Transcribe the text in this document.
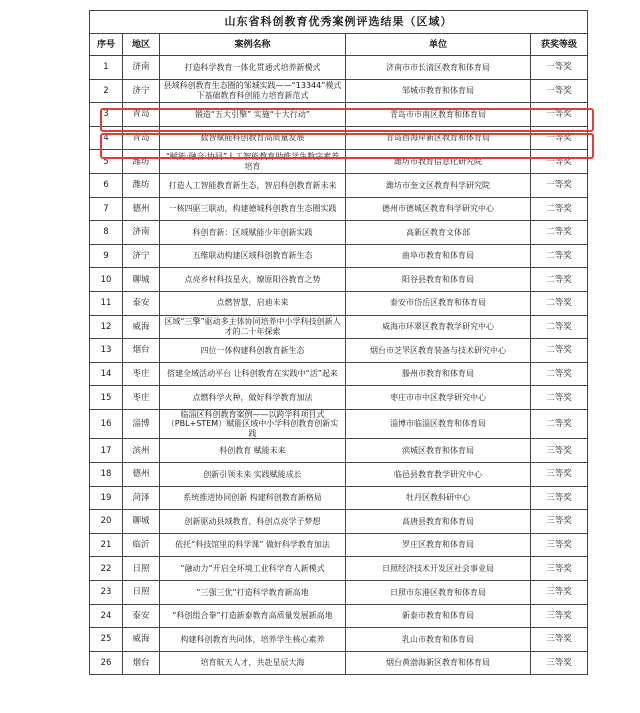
山东省科创教育优秀案例评选结果（区域）				
序号	地区	案例名称	单位	获奖等级
1	济南	打造科学教育一体化贯通式培养新模式	济南市市长清区教育和体育局	一等奖
2	济宁	县域科创教育生态圈的邹城实践——“13344”模式下基础教育科创能力培育新范式	邹城市教育和体育局	一等奖
3	青岛	锻造“五大引擎” 实施“十大行动”	青岛市市南区教育和体育局	一等奖
4	青岛	数智赋能科创教育高质量发展	青岛西海岸新区教育和体育局	一等奖
5	潍坊	“赋能·融合·协同”人工智能教育助推学生数字素养培育	潍坊市教育信息化研究院	一等奖
6	潍坊	打造人工智能教育新生态，智启科创教育新未来	潍坊市奎文区教育科学研究院	一等奖
7	德州	一核四驱三联动，构建德城科创教育生态圈实践	德州市德城区教育科学研究中心	二等奖
8	济南	科创育新：区域赋能少年创新实践	高新区教育文体部	二等奖
9	济宁	五维联动构建区域科创教育新生态	曲阜市教育和体育局	二等奖
10	聊城	点亮乡村科技星火，燎原阳谷教育之势	阳谷县教育和体育局	二等奖
11	泰安	点燃智慧，启迪未来	泰安市岱岳区教育和体育局	二等奖
12	威海	区域“三擎”驱动多主体协同培养中小学科技创新人才的二十年探索	威海市环翠区教育教学研究中心	二等奖
13	烟台	四位一体构建科创教育新生态	烟台市芝罘区教育装备与技术研究中心	二等奖
14	枣庄	搭建全域活动平台 让科创教育在实践中“活”起来	滕州市教育和体育局	二等奖
15	枣庄	点燃科学火种，做好科学教育加法	枣庄市市中区教学研究中心	二等奖
16	淄博	临淄区科创教育案例——以跨学科项目式（PBL+STEM）赋能区域中小学科创教育创新实践	淄博市临淄区教育和体育局	二等奖
17	滨州	科创教育 赋能未来	滨城区教育和体育局	三等奖
18	德州	创新引领未来 实践赋能成长	临邑县教育教学研究中心	三等奖
19	菏泽	系统推进协同创新 构建科创教育新格局	牡丹区教科研中心	三等奖
20	聊城	创新驱动县域教育，科创点亮学子梦想	高唐县教育和体育局	三等奖
21	临沂	依托“科技馆里的科学课” 做好科学教育加法	罗庄区教育和体育局	三等奖
22	日照	“融动力”开启全环境工业科学育人新模式	日照经济技术开发区社会事业局	三等奖
23	日照	“三强三优”打造科学教育新高地	日照市东港区教育和体育局	三等奖
24	泰安	“科创组合拳”打造新泰教育高质量发展新高地	新泰市教育和体育局	三等奖
25	威海	构建科创教育共同体，培养学生核心素养	乳山市教育和体育局	三等奖
26	烟台	培育航天人才，共赴星辰大海	烟台黄渤海新区教育和体育局	三等奖
